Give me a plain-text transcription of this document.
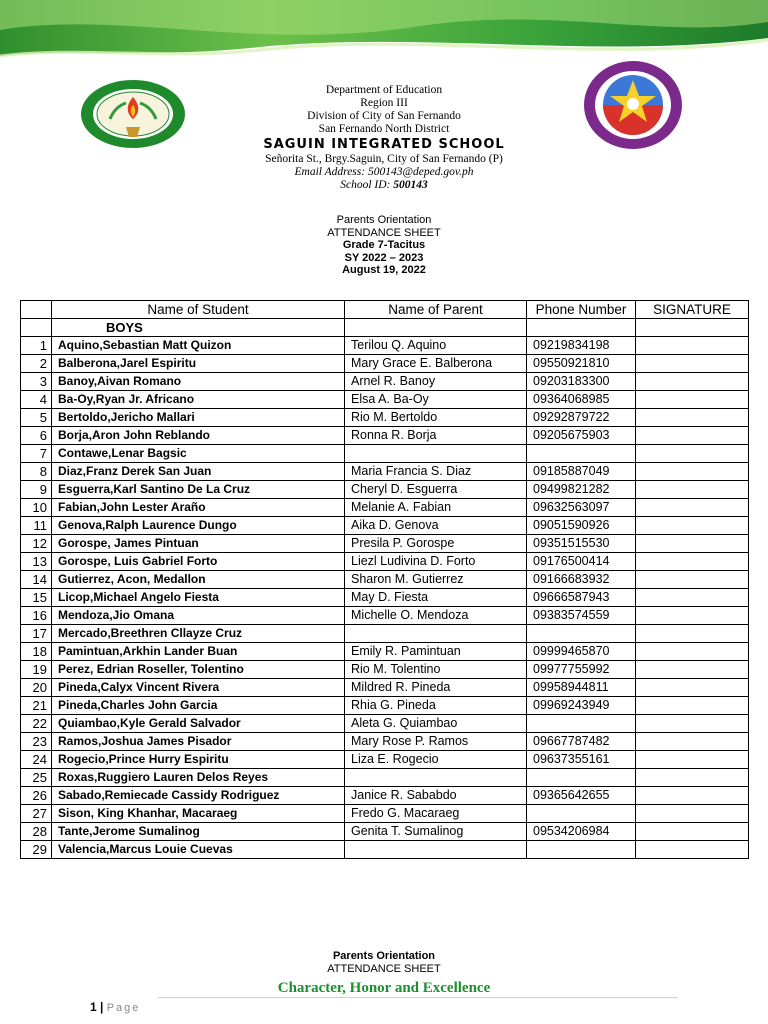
Department of Education
Region III
Division of City of San Fernando
San Fernando North District
SAGUIN INTEGRATED SCHOOL
Señorita St., Brgy.Saguin, City of San Fernando (P)
Email Address: 500143@deped.gov.ph
School ID: 500143
Parents Orientation
ATTENDANCE SHEET
Grade 7-Tacitus
SY 2022 – 2023
August 19, 2022
	Name of Student	Name of Parent	Phone Number	SIGNATURE
	BOYS			
1	Aquino,Sebastian Matt Quizon	Terilou Q. Aquino	09219834198	
2	Balberona,Jarel Espiritu	Mary Grace E. Balberona	09550921810	
3	Banoy,Aivan Romano	Arnel R. Banoy	09203183300	
4	Ba-Oy,Ryan Jr. Africano	Elsa A. Ba-Oy	09364068985	
5	Bertoldo,Jericho Mallari	Rio M. Bertoldo	09292879722	
6	Borja,Aron John Reblando	Ronna R. Borja	09205675903	
7	Contawe,Lenar Bagsic			
8	Diaz,Franz Derek San Juan	Maria Francia S. Diaz	09185887049	
9	Esguerra,Karl Santino De La Cruz	Cheryl D. Esguerra	09499821282	
10	Fabian,John Lester Araño	Melanie A. Fabian	09632563097	
11	Genova,Ralph Laurence Dungo	Aika D. Genova	09051590926	
12	Gorospe, James Pintuan	Presila P. Gorospe	09351515530	
13	Gorospe, Luis Gabriel Forto	Liezl Ludivina D. Forto	09176500414	
14	Gutierrez, Acon, Medallon	Sharon M. Gutierrez	09166683932	
15	Licop,Michael Angelo Fiesta	May D. Fiesta	09666587943	
16	Mendoza,Jio Omana	Michelle O. Mendoza	09383574559	
17	Mercado,Breethren Cllayze Cruz			
18	Pamintuan,Arkhin Lander Buan	Emily R. Pamintuan	09999465870	
19	Perez, Edrian Roseller, Tolentino	Rio M. Tolentino	09977755992	
20	Pineda,Calyx Vincent Rivera	Mildred R. Pineda	09958944811	
21	Pineda,Charles John Garcia	Rhia G. Pineda	09969243949	
22	Quiambao,Kyle Gerald Salvador	Aleta G. Quiambao		
23	Ramos,Joshua James Pisador	Mary Rose P. Ramos	09667787482	
24	Rogecio,Prince Hurry Espiritu	Liza E. Rogecio	09637355161	
25	Roxas,Ruggiero Lauren Delos Reyes			
26	Sabado,Remiecade Cassidy Rodriguez	Janice R. Sababdo	09365642655	
27	Sison, King Khanhar, Macaraeg	Fredo G. Macaraeg		
28	Tante,Jerome Sumalinog	Genita T. Sumalinog	09534206984	
29	Valencia,Marcus Louie Cuevas			
Parents Orientation
ATTENDANCE SHEET
Character, Honor and Excellence
1 | Page
